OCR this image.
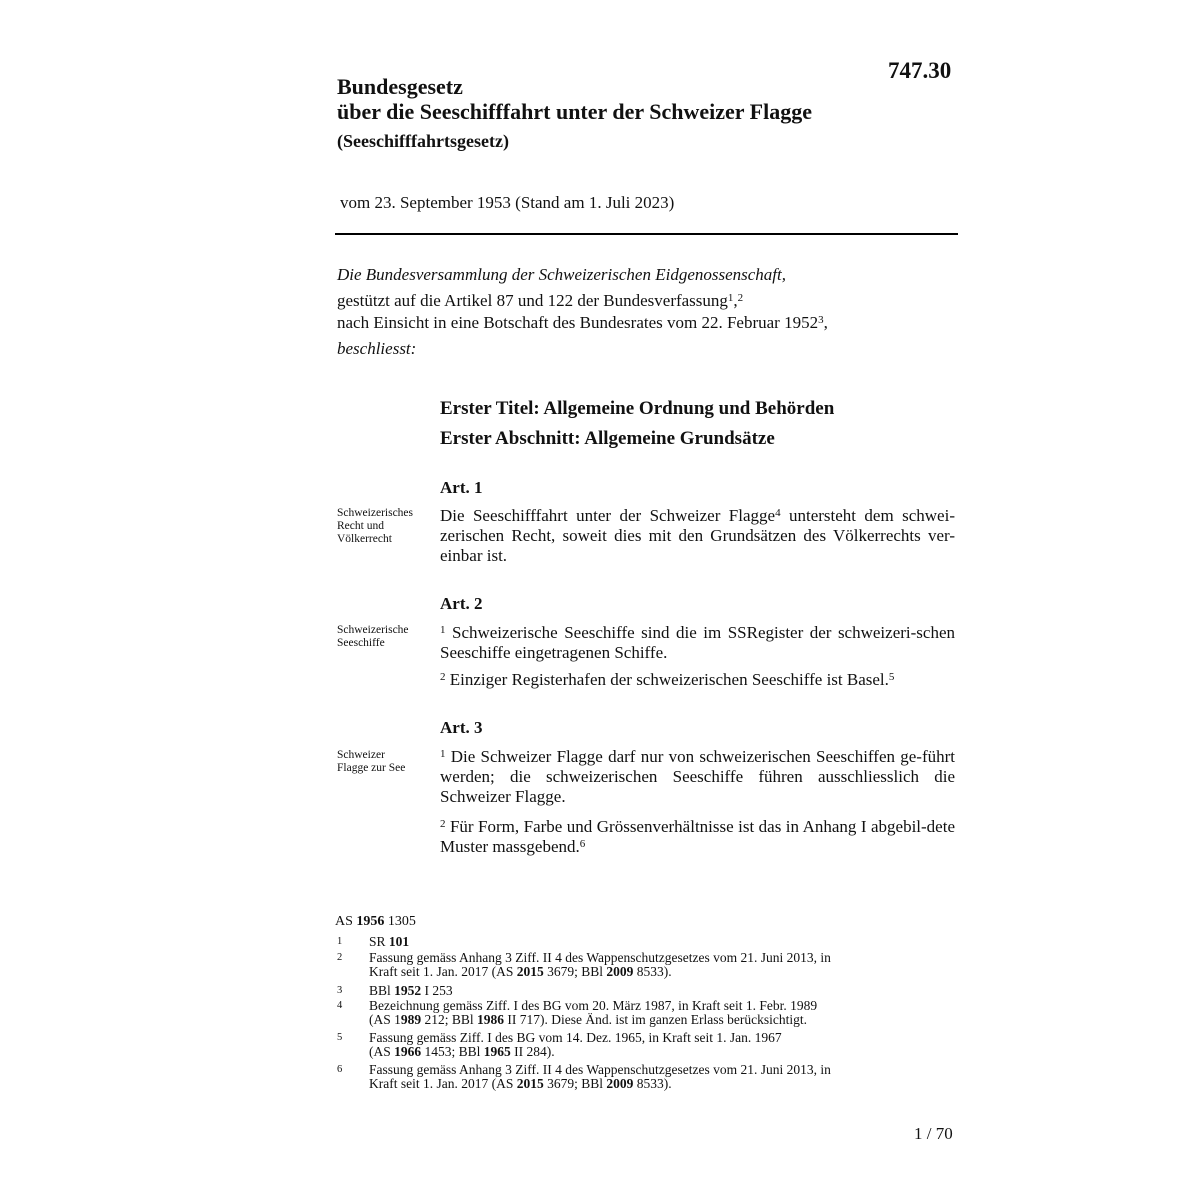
747.30
Bundesgesetz
über die Seeschifffahrt unter der Schweizer Flagge
(Seeschifffahrtsgesetz)
vom 23. September 1953 (Stand am 1. Juli 2023)
Die Bundesversammlung der Schweizerischen Eidgenossenschaft,
gestützt auf die Artikel 87 und 122 der Bundesverfassung$^1$,$^2$
nach Einsicht in eine Botschaft des Bundesrates vom 22. Februar 1952$^3$,
beschliesst:
Erster Titel: Allgemeine Ordnung und Behörden
Erster Abschnitt: Allgemeine Grundsätze
Art. 1
Schweizerisches
Recht und
Völkerrecht
Die Seeschifffahrt unter der Schweizer Flagge$^4$ untersteht dem schwei-zerischen Recht, soweit dies mit den Grundsätzen des Völkerrechts ver-einbar ist.
Art. 2
Schweizerische
Seeschiffe
$^1$ Schweizerische Seeschiffe sind die im SSRegister der schweizeri-schen Seeschiffe eingetragenen Schiffe.
$^2$ Einziger Registerhafen der schweizerischen Seeschiffe ist Basel.$^5$
Art. 3
Schweizer
Flagge zur See
$^1$ Die Schweizer Flagge darf nur von schweizerischen Seeschiffen ge-führt werden; die schweizerischen Seeschiffe führen ausschliesslich die Schweizer Flagge.
$^2$ Für Form, Farbe und Grössenverhältnisse ist das in Anhang I abgebil-dete Muster massgebend.$^6$
AS 1956 1305
1 SR 101
2 Fassung gemäss Anhang 3 Ziff. II 4 des Wappenschutzgesetzes vom 21. Juni 2013, in
Kraft seit 1. Jan. 2017 (AS 2015 3679; BBl 2009 8533).
3 BBl 1952 I 253
4 Bezeichnung gemäss Ziff. I des BG vom 20. März 1987, in Kraft seit 1. Febr. 1989
(AS 1989 212; BBl 1986 II 717). Diese Änd. ist im ganzen Erlass berücksichtigt.
5 Fassung gemäss Ziff. I des BG vom 14. Dez. 1965, in Kraft seit 1. Jan. 1967
(AS 1966 1453; BBl 1965 II 284).
6 Fassung gemäss Anhang 3 Ziff. II 4 des Wappenschutzgesetzes vom 21. Juni 2013, in
Kraft seit 1. Jan. 2017 (AS 2015 3679; BBl 2009 8533).
1 / 70
